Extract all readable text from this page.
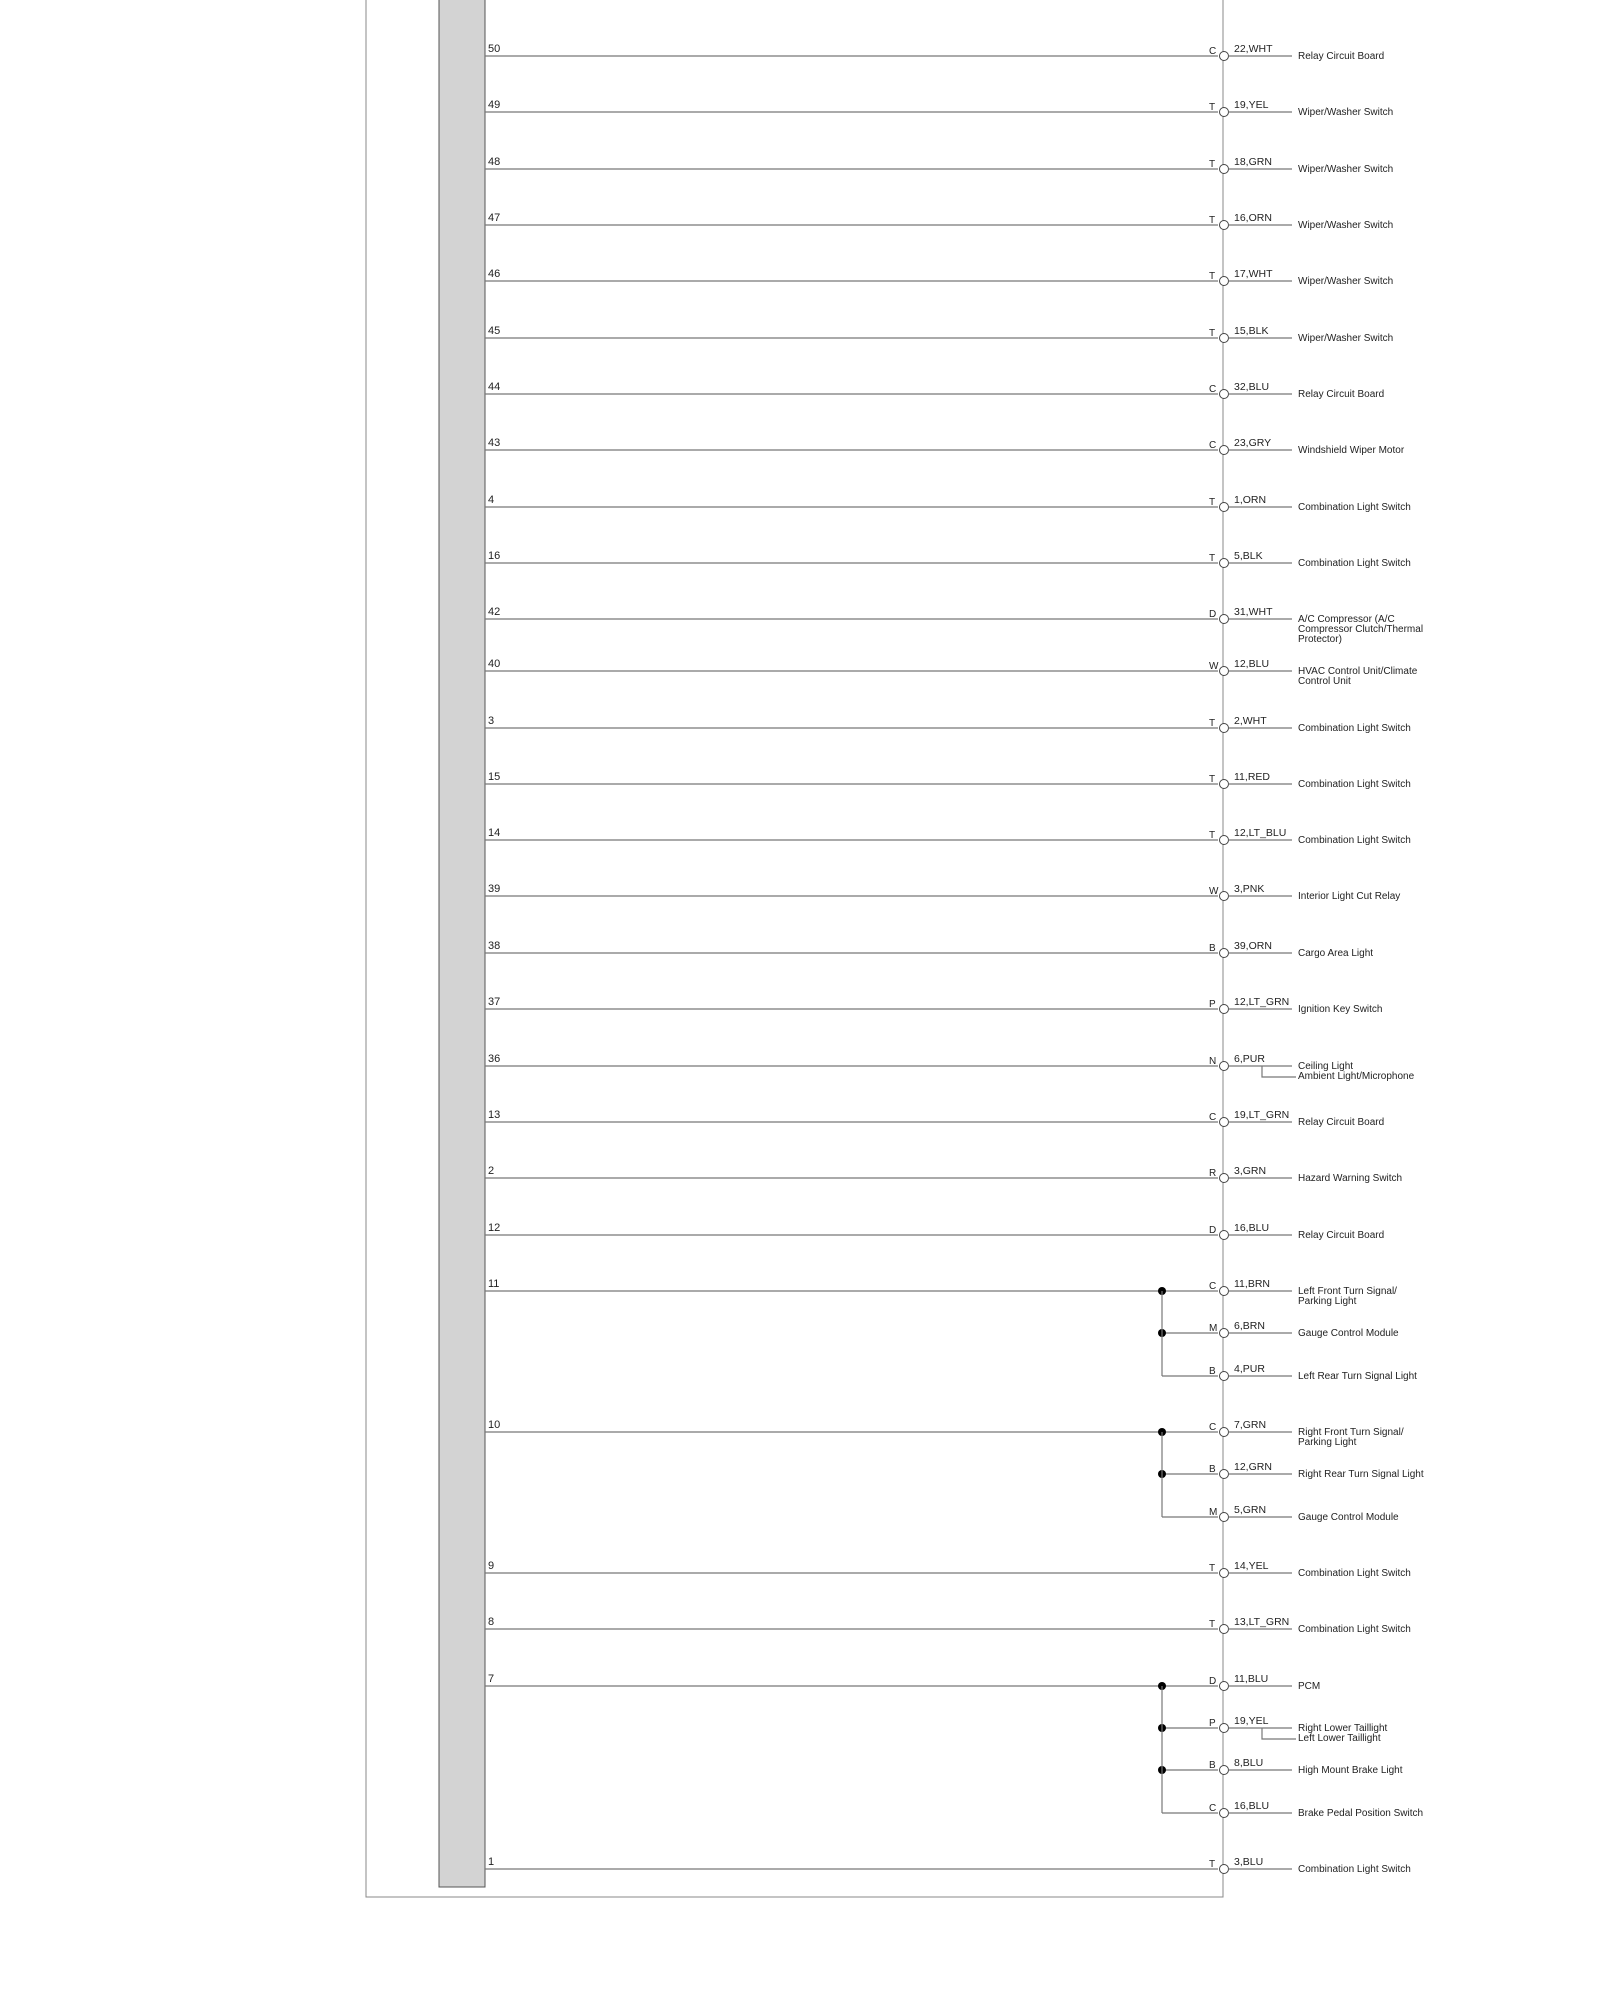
50	C 22,WHT
Relay Circuit Board
49	T 19,YEL
Wiper/Washer Switch
48	T 18,GRN
Wiper/Washer Switch
47	T 16,ORN
Wiper/Washer Switch
46	T 17,WHT
Wiper/Washer Switch
45	T 15,BLK
Wiper/Washer Switch
44	C 32,BLU
Relay Circuit Board
43	C 23,GRY
Windshield Wiper Motor
4	T 1,ORN
Combination Light Switch
16	T 5,BLK
Combination Light Switch
42	D 31,WHT
A/C Compressor (A/C
Compressor Clutch/Thermal
Protector)
40	W 12,BLU
HVAC Control Unit/Climate
Control Unit
3	T 2,WHT
Combination Light Switch
15	T 11,RED
Combination Light Switch
14	T 12,LT_BLU
Combination Light Switch
39	W 3,PNK
Interior Light Cut Relay
38	B 39,ORN
Cargo Area Light
37	P 12,LT_GRN
Ignition Key Switch
36	N 6,PUR
Ceiling Light
Ambient Light/Microphone
13	C 19,LT_GRN
Relay Circuit Board
2	R 3,GRN
Hazard Warning Switch
12	D 16,BLU
Relay Circuit Board
11	C 11,BRN
Left Front Turn Signal/
Parking Light
M 6,BRN
Gauge Control Module
B 4,PUR
Left Rear Turn Signal Light
10	C 7,GRN
Right Front Turn Signal/
Parking Light
B 12,GRN
Right Rear Turn Signal Light
M 5,GRN
Gauge Control Module
9	T 14,YEL
Combination Light Switch
8	T 13,LT_GRN
Combination Light Switch
7	D 11,BLU
PCM
P 19,YEL
Right Lower Taillight
Left Lower Taillight
B 8,BLU
High Mount Brake Light
C 16,BLU
Brake Pedal Position Switch
1	T 3,BLU
Combination Light Switch
